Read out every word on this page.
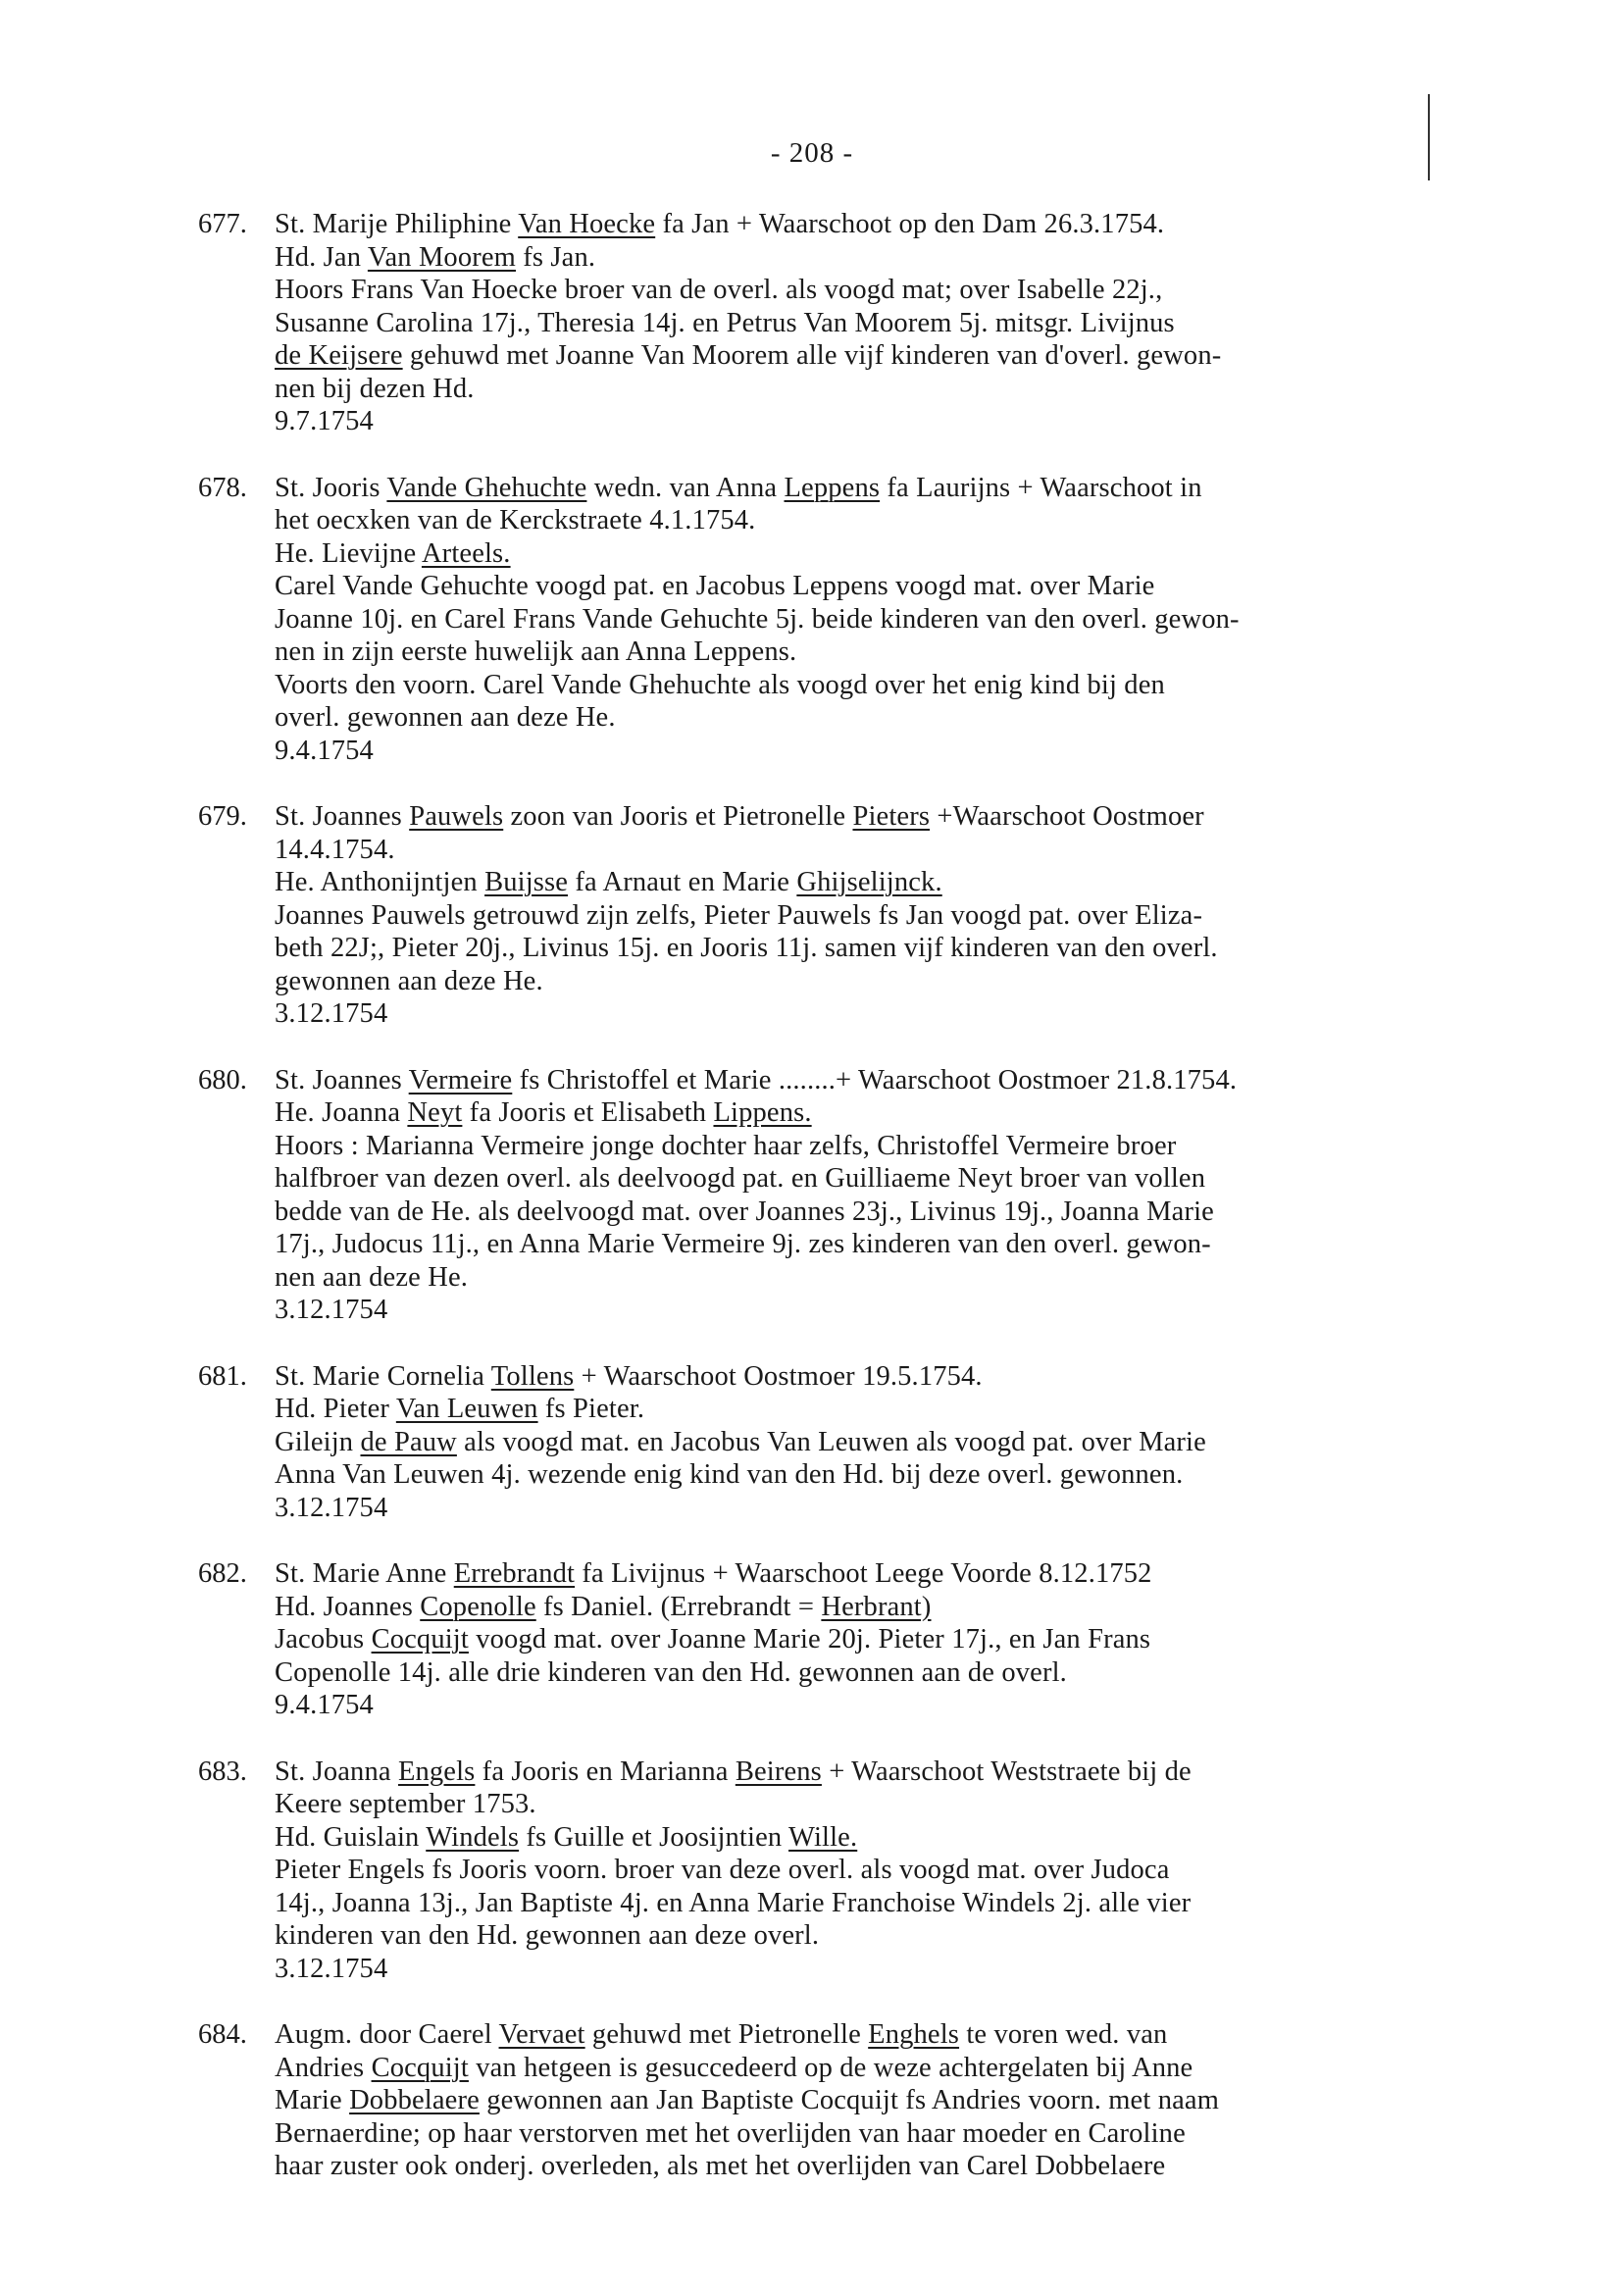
- 208 -
677. St. Marije Philiphine Van Hoecke fa Jan + Waarschoot op den Dam 26.3.1754.
Hd. Jan Van Moorem fs Jan.
Hoors Frans Van Hoecke broer van de overl. als voogd mat; over Isabelle 22j.,
Susanne Carolina 17j., Theresia 14j. en Petrus Van Moorem 5j. mitsgr. Livijnus
de Keijsere gehuwd met Joanne Van Moorem alle vijf kinderen van d'overl. gewon-
nen bij dezen Hd.
9.7.1754
678. St. Jooris Vande Ghehuchte wedn. van Anna Leppens fa Laurijns + Waarschoot in
het oecxken van de Kerckstraete 4.1.1754.
He. Lievijne Arteels.
Carel Vande Gehuchte voogd pat. en Jacobus Leppens voogd mat. over Marie
Joanne 10j. en Carel Frans Vande Gehuchte 5j. beide kinderen van den overl. gewon-
nen in zijn eerste huwelijk aan Anna Leppens.
Voorts den voorn. Carel Vande Ghehuchte als voogd over het enig kind bij den
overl. gewonnen aan deze He.
9.4.1754
679. St. Joannes Pauwels zoon van Jooris et Pietronelle Pieters +Waarschoot Oostmoer
14.4.1754.
He. Anthonijntjen Buijsse fa Arnaut en Marie Ghijselijnck.
Joannes Pauwels getrouwd zijn zelfs, Pieter Pauwels fs Jan voogd pat. over Eliza-
beth 22J;, Pieter 20j., Livinus 15j. en Jooris 11j. samen vijf kinderen van den overl.
gewonnen aan deze He.
3.12.1754
680. St. Joannes Vermeire fs Christoffel et Marie ........+ Waarschoot Oostmoer 21.8.1754.
He. Joanna Neyt fa Jooris et Elisabeth Lippens.
Hoors : Marianna Vermeire jonge dochter haar zelfs, Christoffel Vermeire broer
halfbroer van dezen overl. als deelvoogd pat. en Guilliaeme Neyt broer van vollen
bedde van de He. als deelvoogd mat. over Joannes 23j., Livinus 19j., Joanna Marie
17j., Judocus 11j., en Anna Marie Vermeire 9j. zes kinderen van den overl. gewon-
nen aan deze He.
3.12.1754
681. St. Marie Cornelia Tollens + Waarschoot Oostmoer 19.5.1754.
Hd. Pieter Van Leuwen fs Pieter.
Gileijn de Pauw als voogd mat. en Jacobus Van Leuwen als voogd pat. over Marie
Anna Van Leuwen 4j. wezende enig kind van den Hd. bij deze overl. gewonnen.
3.12.1754
682. St. Marie Anne Errebrandt fa Livijnus + Waarschoot Leege Voorde 8.12.1752
Hd. Joannes Copenolle fs Daniel. (Errebrandt = Herbrant)
Jacobus Cocquijt voogd mat. over Joanne Marie 20j. Pieter 17j., en Jan Frans
Copenolle 14j. alle drie kinderen van den Hd. gewonnen aan de overl.
9.4.1754
683. St. Joanna Engels fa Jooris en Marianna Beirens + Waarschoot Weststraete bij de
Keere september 1753.
Hd. Guislain Windels fs Guille et Joosijntien Wille.
Pieter Engels fs Jooris voorn. broer van deze overl. als voogd mat. over Judoca
14j., Joanna 13j., Jan Baptiste 4j. en Anna Marie Franchoise Windels 2j. alle vier
kinderen van den Hd. gewonnen aan deze overl.
3.12.1754
684. Augm. door Caerel Vervaet gehuwd met Pietronelle Enghels te voren wed. van
Andries Cocquijt van hetgeen is gesuccedeerd op de weze achtergelaten bij Anne
Marie Dobbelaere gewonnen aan Jan Baptiste Cocquijt fs Andries voorn. met naam
Bernaerdine; op haar verstorven met het overlijden van haar moeder en Caroline
haar zuster ook onderj. overleden, als met het overlijden van Carel Dobbelaere
